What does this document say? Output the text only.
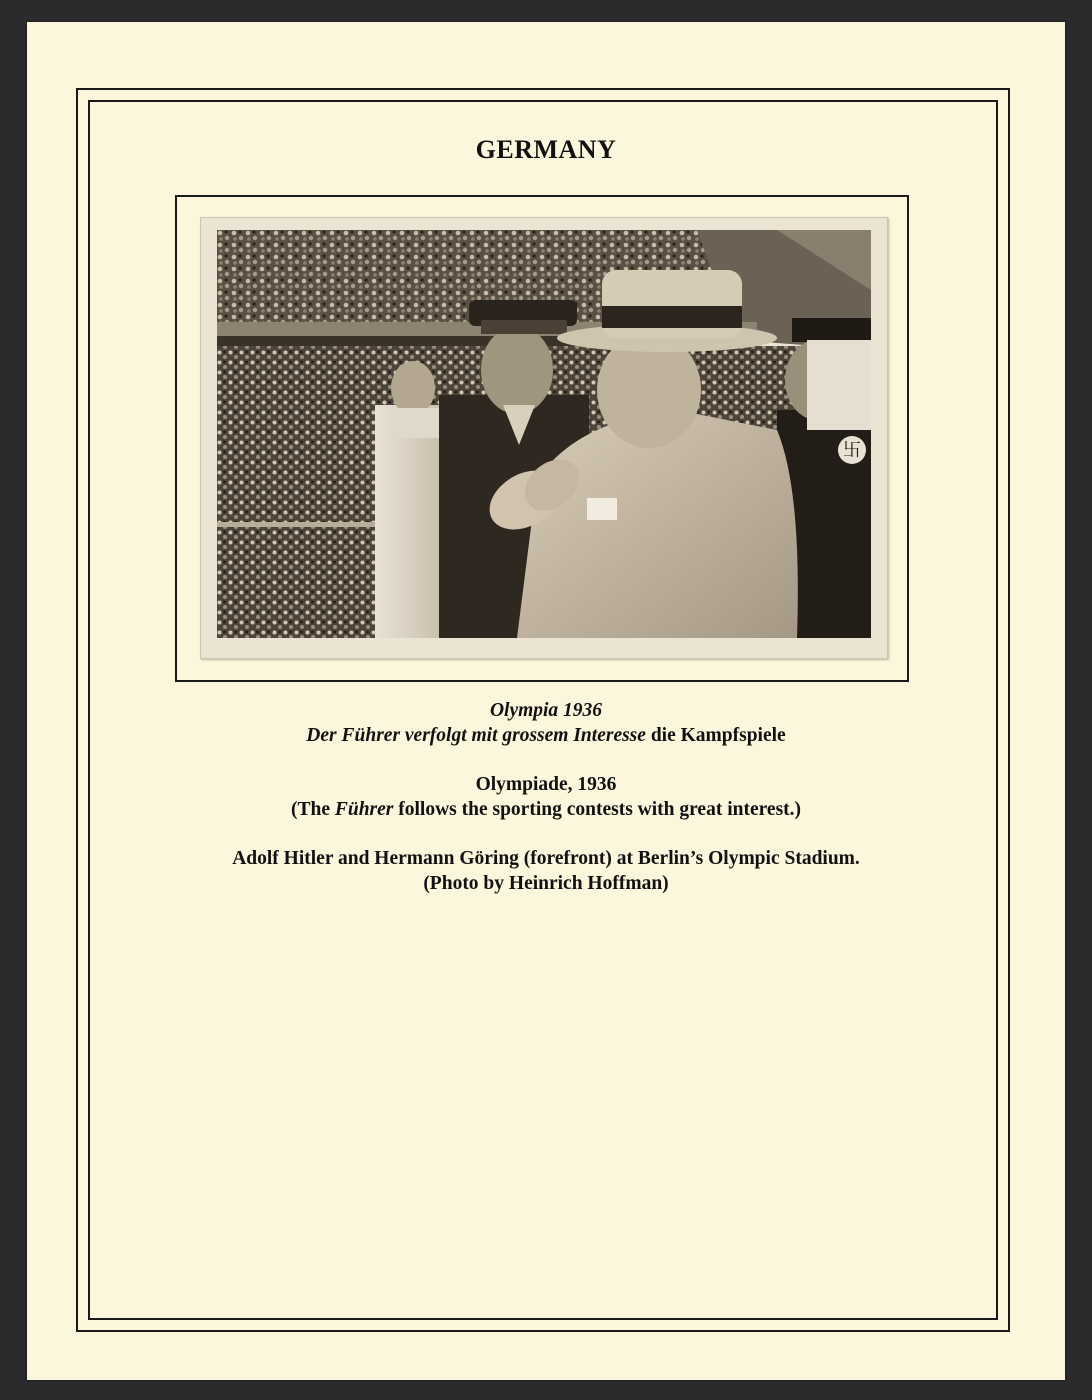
GERMANY
卐

Olympia 1936

Der Führer verfolgt mit grossem Interesse die Kampfspiele

Olympiade, 1936

(The Führer follows the sporting contests with great interest.)

Adolf Hitler and Hermann Göring (forefront) at Berlin’s Olympic Stadium.

(Photo by Heinrich Hoffman)
